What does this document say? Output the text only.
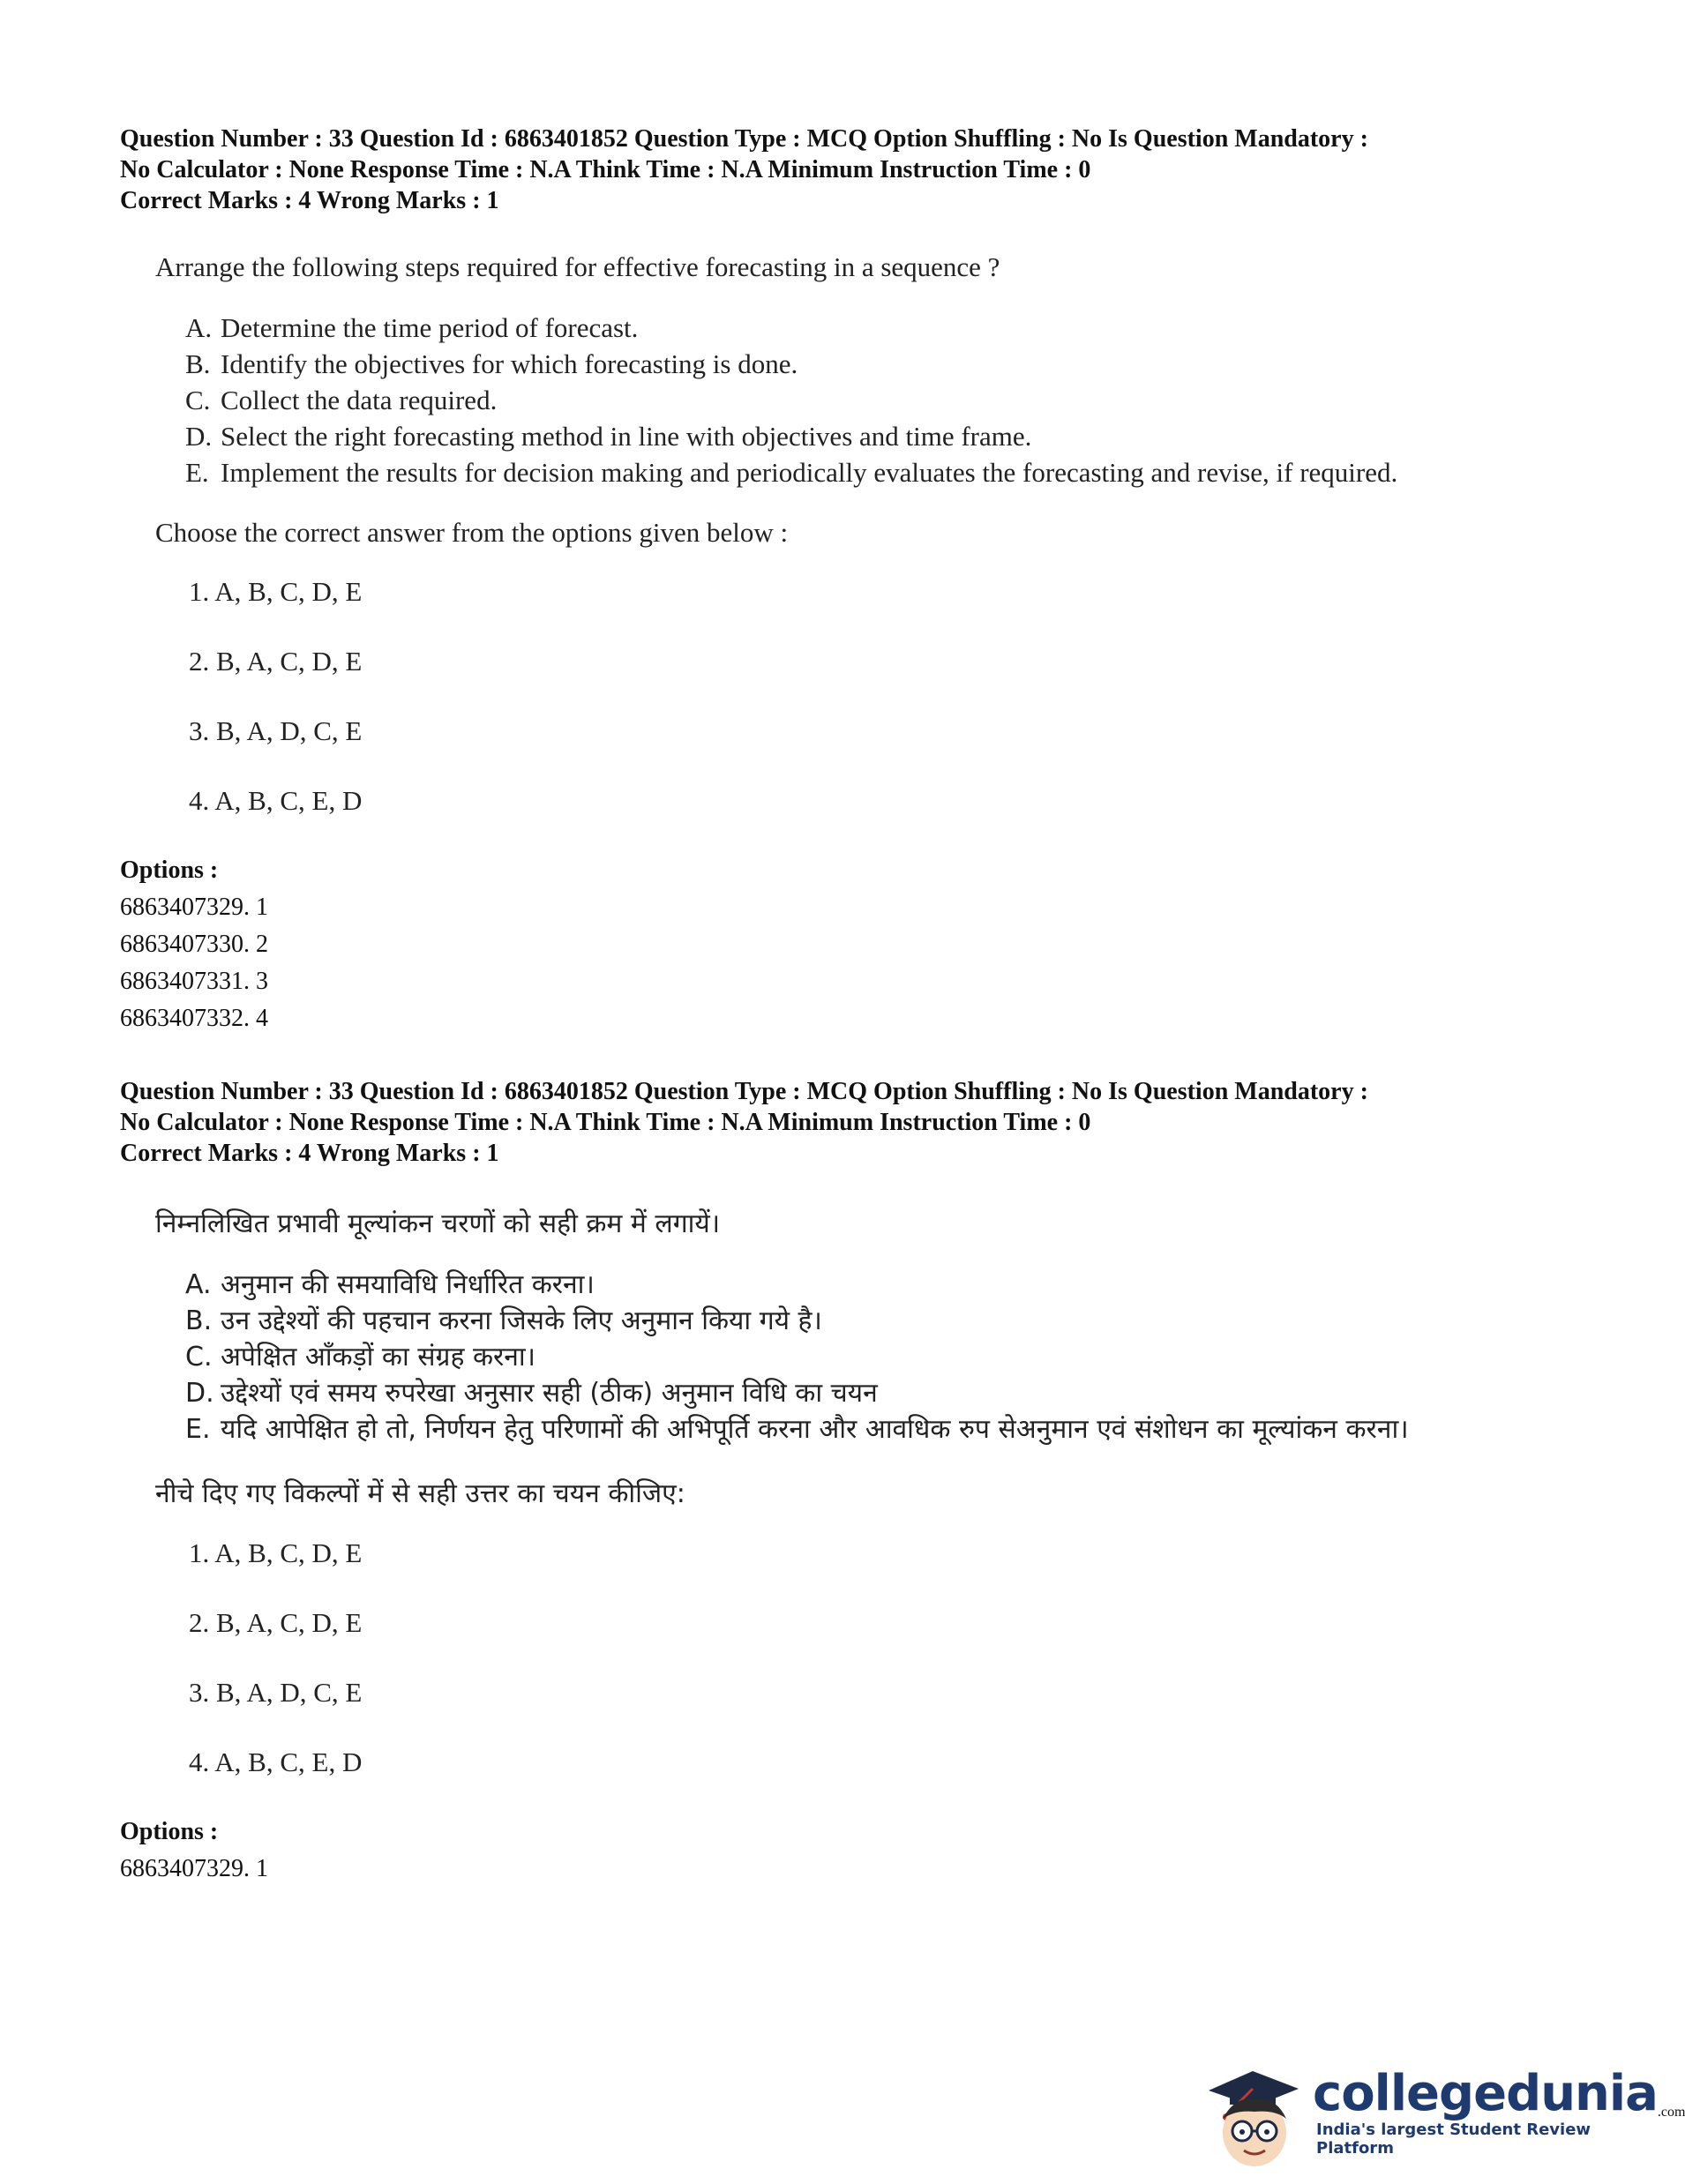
Question Number : 33 Question Id : 6863401852 Question Type : MCQ Option Shuffling : No Is Question Mandatory :

No Calculator : None Response Time : N.A Think Time : N.A Minimum Instruction Time : 0

Correct Marks : 4 Wrong Marks : 1

Arrange the following steps required for effective forecasting in a sequence ?

A. Determine the time period of forecast.
B. Identify the objectives for which forecasting is done.
C. Collect the data required.
D. Select the right forecasting method in line with objectives and time frame.
E. Implement the results for decision making and periodically evaluates the forecasting and revise, if required.

Choose the correct answer from the options given below :

1. A, B, C, D, E
2. B, A, C, D, E
3. B, A, D, C, E
4. A, B, C, E, D
Options :
6863407329. 1
6863407330. 2
6863407331. 3
6863407332. 4

Question Number : 33 Question Id : 6863401852 Question Type : MCQ Option Shuffling : No Is Question Mandatory :

No Calculator : None Response Time : N.A Think Time : N.A Minimum Instruction Time : 0

Correct Marks : 4 Wrong Marks : 1

निम्नलिखित प्रभावी मूल्यांकन चरणों को सही क्रम में लगायें।

A. अनुमान की समयाविधि निर्धारित करना।
B. उन उद्देश्यों की पहचान करना जिसके लिए अनुमान किया गये है।
C. अपेक्षित आँकड़ों का संग्रह करना।
D. उद्देश्यों एवं समय रुपरेखा अनुसार सही (ठीक) अनुमान विधि का चयन
E. यदि आपेक्षित हो तो, निर्णयन हेतु परिणामों की अभिपूर्ति करना और आवधिक रुप सेअनुमान एवं संशोधन का मूल्यांकन करना।

नीचे दिए गए विकल्पों में से सही उत्तर का चयन कीजिए:

1. A, B, C, D, E
2. B, A, C, D, E
3. B, A, D, C, E
4. A, B, C, E, D
Options :
6863407329. 1
collegedunia
India's largest Student Review Platform
.com
